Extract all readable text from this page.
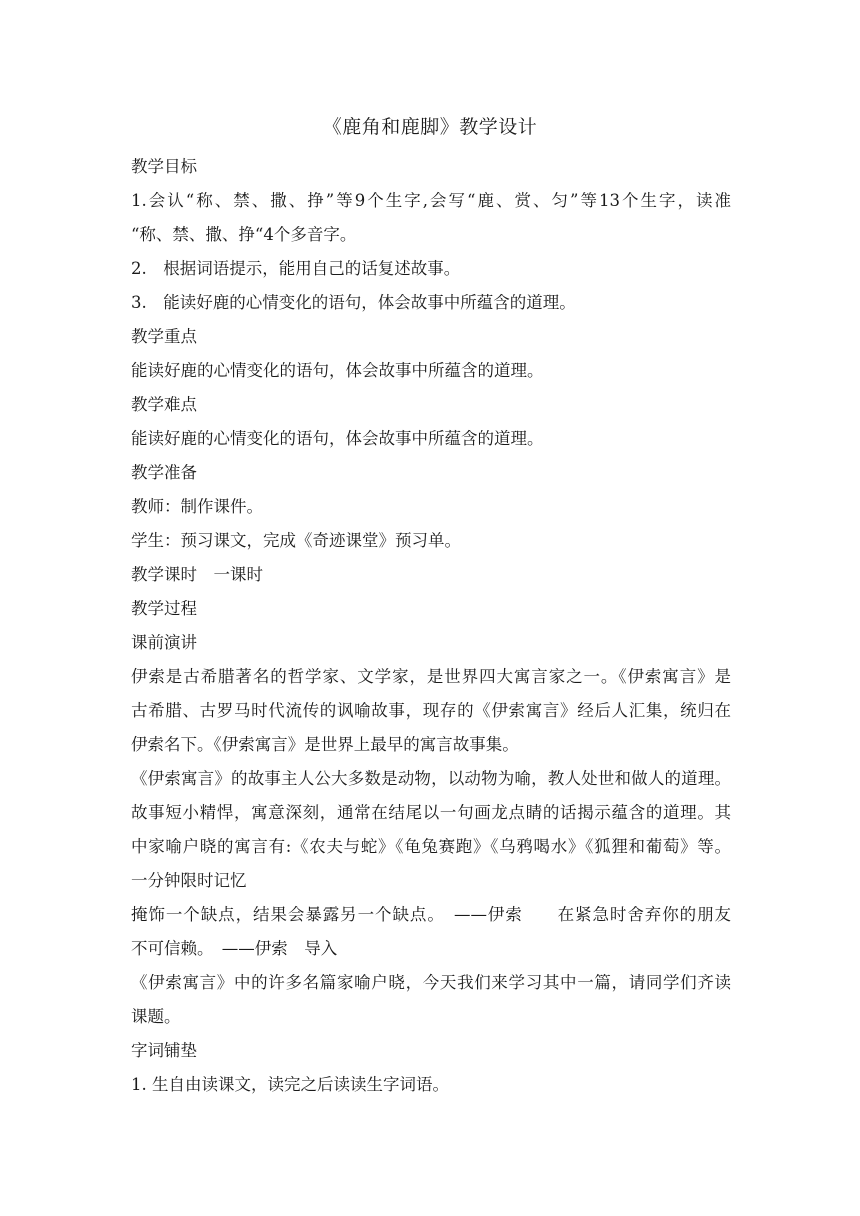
《鹿角和鹿脚》教学设计
教学目标
1.会认“称、禁、撒、挣”等9个生字,会写“鹿、赏、匀”等13个生字，读准
“称、禁、撒、挣“4个多音字。
2.　根据词语提示，能用自己的话复述故事。
3.　能读好鹿的心情变化的语句，体会故事中所蕴含的道理。
教学重点
能读好鹿的心情变化的语句，体会故事中所蕴含的道理。
教学难点
能读好鹿的心情变化的语句，体会故事中所蕴含的道理。
教学准备
教师：制作课件。
学生：预习课文，完成《奇迹课堂》预习单。
教学课时　一课时
教学过程
课前演讲
伊索是古希腊著名的哲学家、文学家，是世界四大寓言家之一。《伊索寓言》是
古希腊、古罗马时代流传的讽喻故事，现存的《伊索寓言》经后人汇集，统归在
伊索名下。《伊索寓言》是世界上最早的寓言故事集。
《伊索寓言》的故事主人公大多数是动物，以动物为喻，教人处世和做人的道理。
故事短小精悍，寓意深刻，通常在结尾以一句画龙点睛的话揭示蕴含的道理。其
中家喻户晓的寓言有:《农夫与蛇》《龟兔赛跑》《乌鸦喝水》《狐狸和葡萄》等。
一分钟限时记忆
掩饰一个缺点，结果会暴露另一个缺点。　——伊索　　在紧急时舍弃你的朋友
不可信赖。　——伊索　导入
《伊索寓言》中的许多名篇家喻户晓，今天我们来学习其中一篇，请同学们齐读
课题。
字词铺垫
1. 生自由读课文，读完之后读读生字词语。
